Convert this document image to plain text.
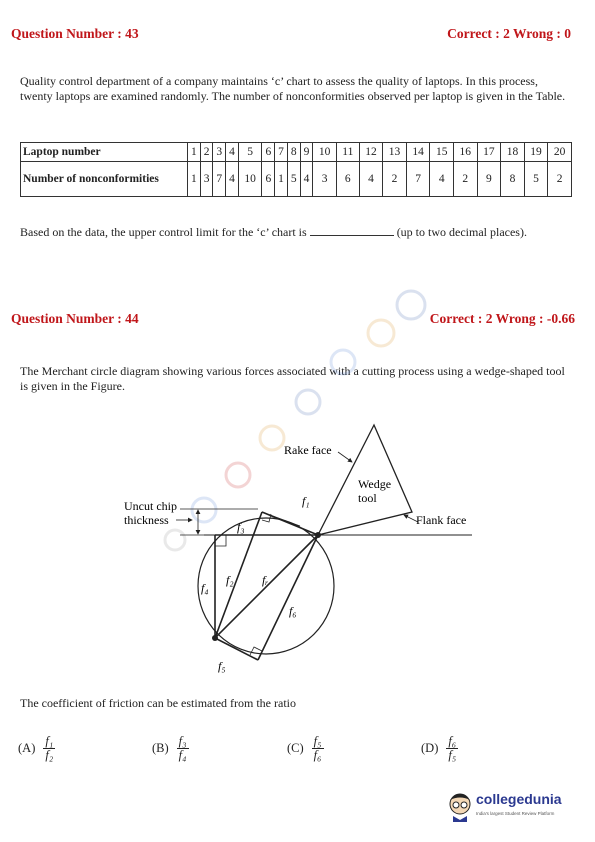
Question Number : 43	Correct : 2 Wrong : 0
Quality control department of a company maintains ‘c’ chart to assess the quality of laptops. In this process, twenty laptops are examined randomly. The number of nonconformities observed per laptop is given in the Table.
Laptop number	1	2	3	4	5	6	7	8	9	10	11	12	13	14	15	16	17	18	19	20
Number of nonconformities	1	3	7	4	10	6	1	5	4	3	6	4	2	7	4	2	9	8	5	2
Based on the data, the upper control limit for the ‘c’ chart is	(up to two decimal places).
Question Number : 44	Correct : 2 Wrong : -0.66
The Merchant circle diagram showing various forces associated with a cutting process using a wedge-shaped tool is given in the Figure.
Rake face
Wedge
tool
Flank face
Uncut chip
thickness
f₁
f₂
f₃
f₄
f₅
f₆
fᵣ
The coefficient of friction can be estimated from the ratio
$(A) \frac{\text{f₁}}{\text{f₂}}$	$(B) \frac{\text{f₃}}{\text{f₄}}$	$(C) \frac{\text{f₅}}{\text{f₆}}$	$(D) \frac{\text{f₆}}{\text{f₅}}$
collegedunia
India's largest Student Review Platform
